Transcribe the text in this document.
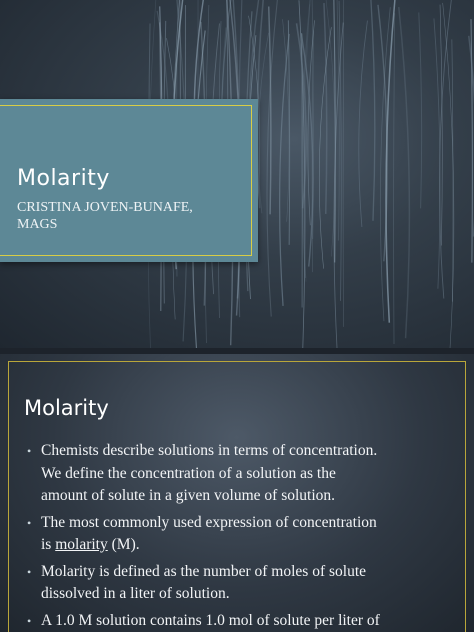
Molarity
CRISTINA JOVEN-BUNAFE,
MAGS
Molarity
• Chemists describe solutions in terms of concentration.
We define the concentration of a solution as the
amount of solute in a given volume of solution.
• The most commonly used expression of concentration
is molarity (M).
• Molarity is defined as the number of moles of solute
dissolved in a liter of solution.
• A 1.0 M solution contains 1.0 mol of solute per liter of
